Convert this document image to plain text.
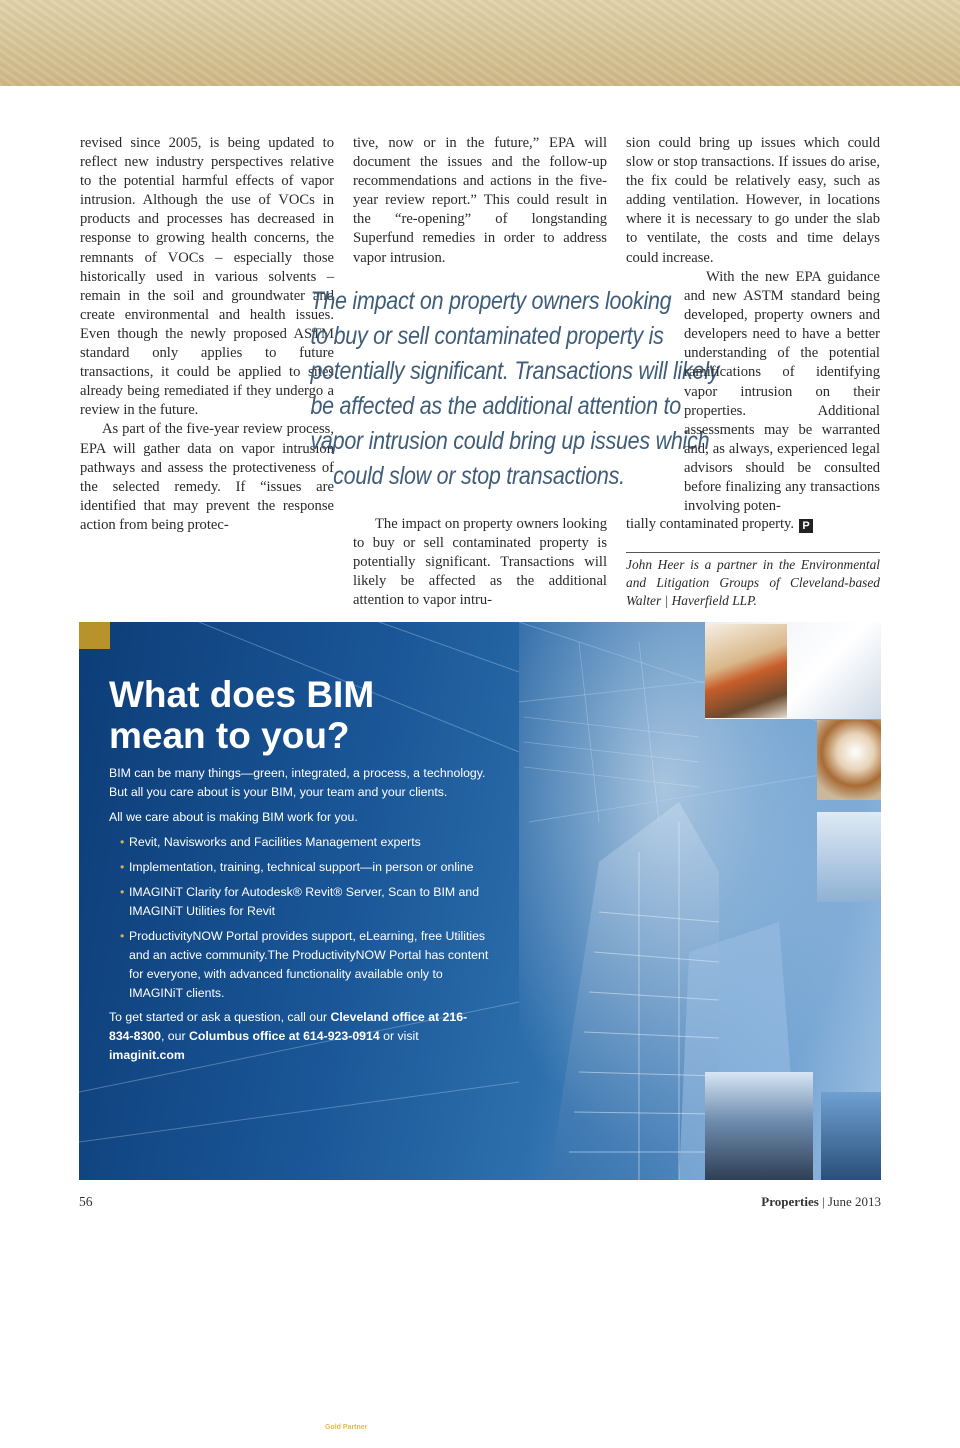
revised since 2005, is being updated to reflect new industry perspectives relative to the potential harmful effects of vapor intrusion. Although the use of VOCs in products and processes has decreased in response to growing health concerns, the remnants of VOCs – especially those historically used in various solvents – remain in the soil and groundwater and create environmental and health issues. Even though the newly proposed ASTM standard only applies to future transactions, it could be applied to sites already being remediated if they undergo a review in the future.

As part of the five-year review process, EPA will gather data on vapor intrusion pathways and assess the protectiveness of the selected remedy. If “issues are identified that may prevent the response action from being protec-

tive, now or in the future,” EPA will document the issues and the follow-up recommendations and actions in the five-year review report.” This could result in the “re-opening” of longstanding Superfund remedies in order to address vapor intrusion.

The impact on property owners looking
to buy or sell contaminated property is
potentially significant. Transactions will likely
be affected as the additional attention to
vapor intrusion could bring up issues which
could slow or stop transactions.

The impact on property owners looking to buy or sell contaminated property is potentially significant. Transactions will likely be affected as the additional attention to vapor intru-

sion could bring up issues which could slow or stop transactions. If issues do arise, the fix could be relatively easy, such as adding ventilation. However, in locations where it is necessary to go under the slab to ventilate, the costs and time delays could increase.

With the new EPA guidance and new ASTM standard being developed, property owners and developers need to have a better understanding of the potential ramifications of identifying vapor intrusion on their properties. Additional assessments may be warranted and, as always, experienced legal advisors should be consulted before finalizing any transactions involving poten-

tially contaminated property. P
John Heer is a partner in the Environmental and Litigation Groups of Cleveland-based Walter | Haverfield LLP.
What does BIM
mean to you?
BIM can be many things—green, integrated, a process, a technology.
But all you care about is your BIM, your team and your clients.
All we care about is making BIM work for you.
• Revit, Navisworks and Facilities Management experts
• Implementation, training, technical support—in person or online
• IMAGINiT Clarity for Autodesk® Revit® Server, Scan to BIM and IMAGINiT Utilities for Revit
• ProductivityNOW Portal provides support, eLearning, free Utilities and an active community.The ProductivityNOW Portal has content for everyone, with advanced functionality available only to IMAGINiT clients.
To get started or ask a question, call our Cleveland office at 216-834-8300, our Columbus office at 614-923-0914 or visit imaginit.com
IMAGINiT
TECHNOLOGIES
A RAND Worldwide Company
Autodesk
Gold Partner
Architecture, Engineering & Construction
56	Properties | June 2013
